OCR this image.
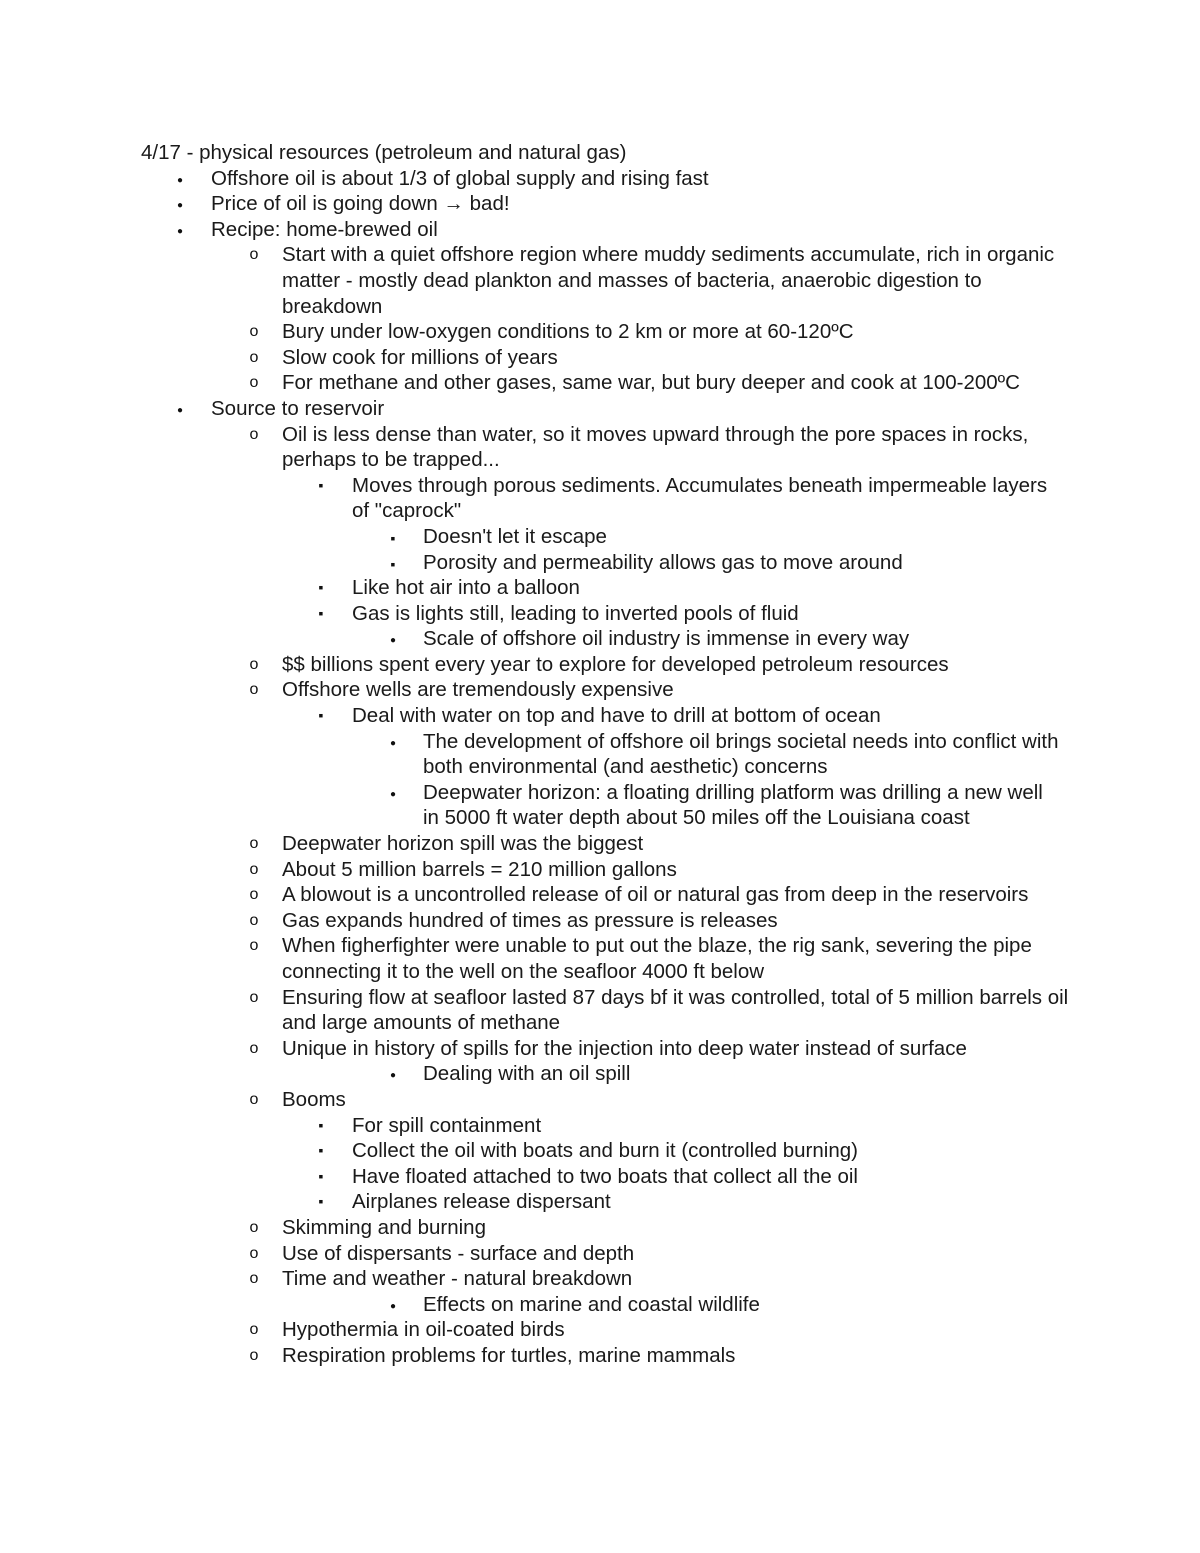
4/17 - physical resources (petroleum and natural gas)
●
Offshore oil is about 1/3 of global supply and rising fast
●
Price of oil is going down → bad!
●
Recipe: home-brewed oil
o
Start with a quiet offshore region where muddy sediments accumulate, rich in organic matter - mostly dead plankton and masses of bacteria, anaerobic digestion to breakdown
o
Bury under low-oxygen conditions to 2 km or more at 60-120ºC
o
Slow cook for millions of years
o
For methane and other gases, same war, but bury deeper and cook at 100-200ºC
●
Source to reservoir
o
Oil is less dense than water, so it moves upward through the pore spaces in rocks, perhaps to be trapped...
▪
Moves through porous sediments. Accumulates beneath impermeable layers of "caprock"
▪
Doesn't let it escape
▪
Porosity and permeability allows gas to move around
▪
Like hot air into a balloon
▪
Gas is lights still, leading to inverted pools of fluid
●
Scale of offshore oil industry is immense in every way
o
$$ billions spent every year to explore for developed petroleum resources
o
Offshore wells are tremendously expensive
▪
Deal with water on top and have to drill at bottom of ocean
●
The development of offshore oil brings societal needs into conflict with both environmental (and aesthetic) concerns
●
Deepwater horizon: a floating drilling platform was drilling a new well in 5000 ft water depth about 50 miles off the Louisiana coast
o
Deepwater horizon spill was the biggest
o
About 5 million barrels = 210 million gallons
o
A blowout is a uncontrolled release of oil or natural gas from deep in the reservoirs
o
Gas expands hundred of times as pressure is releases
o
When figherfighter were unable to put out the blaze, the rig sank, severing the pipe connecting it to the well on the seafloor 4000 ft below
o
Ensuring flow at seafloor lasted 87 days bf it was controlled, total of 5 million barrels oil and large amounts of methane
o
Unique in history of spills for the injection into deep water instead of surface
●
Dealing with an oil spill
o
Booms
▪
For spill containment
▪
Collect the oil with boats and burn it (controlled burning)
▪
Have floated attached to two boats that collect all the oil
▪
Airplanes release dispersant
o
Skimming and burning
o
Use of dispersants - surface and depth
o
Time and weather - natural breakdown
●
Effects on marine and coastal wildlife
o
Hypothermia in oil-coated birds
o
Respiration problems for turtles, marine mammals
